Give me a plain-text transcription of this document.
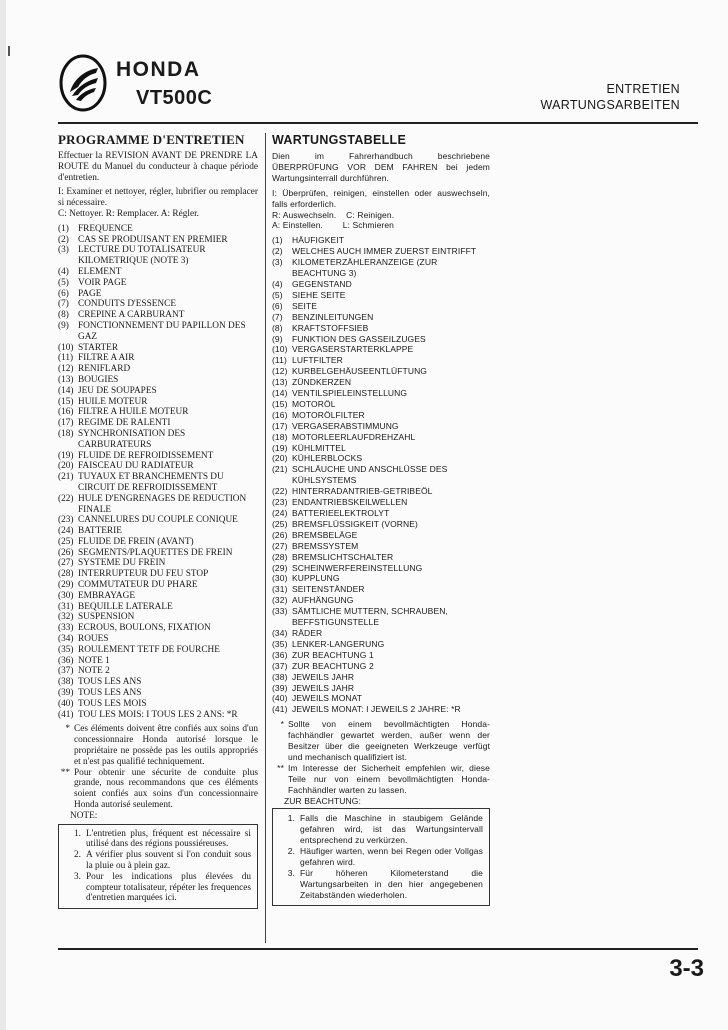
HONDA
VT500C	ENTRETIEN
WARTUNGSARBEITEN
PROGRAMME D'ENTRETIEN

Effectuer la REVISION AVANT DE PRENDRE LA ROUTE du Manuel du conducteur à chaque période d'entretien.

I: Examiner et nettoyer, régler, lubrifier ou remplacer si nécessaire.

C: Nettoyer. R: Remplacer. A: Régler.

(1) FREQUENCE
(2) CAS SE PRODUISANT EN PREMIER
(3) LECTURE DU TOTALISATEUR KILOMETRIQUE (NOTE 3)
(4) ELEMENT
(5) VOIR PAGE
(6) PAGE
(7) CONDUITS D'ESSENCE
(8) CREPINE A CARBURANT
(9) FONCTIONNEMENT DU PAPILLON DES GAZ
(10) STARTER
(11) FILTRE A AIR
(12) RENIFLARD
(13) BOUGIES
(14) JEU DE SOUPAPES
(15) HUILE MOTEUR
(16) FILTRE A HUILE MOTEUR
(17) REGIME DE RALENTI
(18) SYNCHRONISATION DES CARBURATEURS
(19) FLUIDE DE REFROIDISSEMENT
(20) FAISCEAU DU RADIATEUR
(21) TUYAUX ET BRANCHEMENTS DU CIRCUIT DE REFROIDISSEMENT
(22) HULE D'ENGRENAGES DE REDUCTION FINALE
(23) CANNELURES DU COUPLE CONIQUE
(24) BATTERIE
(25) FLUIDE DE FREIN (AVANT)
(26) SEGMENTS/PLAQUETTES DE FREIN
(27) SYSTEME DU FREIN
(28) INTERRUPTEUR DU FEU STOP
(29) COMMUTATEUR DU PHARE
(30) EMBRAYAGE
(31) BEQUILLE LATERALE
(32) SUSPENSION
(33) ECROUS, BOULONS, FIXATION
(34) ROUES
(35) ROULEMENT TETF DE FOURCHE
(36) NOTE 1
(37) NOTE 2
(38) TOUS LES ANS
(39) TOUS LES ANS
(40) TOUS LES MOIS
(41) TOU LES MOIS: I TOUS LES 2 ANS: *R
* Ces éléments doivent être confiés aux soins d'un concessionnaire Honda autorisé lorsque le propriétaire ne possède pas les outils appropriés et n'est pas qualifié techniquement.
** Pour obtenir une sécurite de conduite plus grande, nous recommandons que ces éléments soient confiés aux soins d'un concessionnaire Honda autorisé seulement.
NOTE:
1. L'entretien plus, fréquent est nécessaire si utilisé dans des régions poussiéreuses.
2. A vérifier plus souvent si l'on conduit sous la pluie ou à plein gaz.
3. Pour les indications plus élevées du compteur totalisateur, répéter les frequences d'entretien marquées ici.
WARTUNGSTABELLE

Dien im Fahrerhandbuch beschriebene ÜBERPRÜFUNG VOR DEM FAHREN bei jedem Wartungsinterrall durchführen.

I: Überprüfen, reinigen, einstellen oder auswechseln, falls erforderlich.

R: Auswechseln.    C: Reinigen.

A: Einstellen.        L: Schmieren

(1)	HÄUFIGKEIT
(2)	WELCHES AUCH IMMER ZUERST EINTRIFFT
(3)	KILOMETERZÄHLERANZEIGE (ZUR BEACHTUNG 3)
(4)	GEGENSTAND
(5)	SIEHE SEITE
(6)	SEITE
(7)	BENZINLEITUNGEN
(8)	KRAFTSTOFFSIEB
(9)	FUNKTION DES GASSEILZUGES
(10) VERGASERSTARTERKLAPPE
(11) LUFTFILTER
(12) KURBELGEHÄUSEENTLÜFTUNG
(13) ZÜNDKERZEN
(14) VENTILSPIELEINSTELLUNG
(15) MOTORÖL
(16) MOTORÖLFILTER
(17) VERGASERABSTIMMUNG
(18) MOTORLEERLAUFDREHZAHL
(19) KÜHLMITTEL
(20) KÜHLERBLOCKS
(21) SCHLÄUCHE UND ANSCHLÜSSE DES KÜHLSYSTEMS
(22) HINTERRADANTRIEB-GETRIBEÖL
(23) ENDANTRIEBSKEILWELLEN
(24) BATTERIEELEKTROLYT
(25) BREMSFLÜSSIGKEIT (VORNE)
(26) BREMSBELÄGE
(27) BREMSSYSTEM
(28) BREMSLICHTSCHALTER
(29) SCHEINWERFEREINSTELLUNG
(30) KUPPLUNG
(31) SEITENSTÄNDER
(32) AUFHÄNGUNG
(33) SÄMTLICHE MUTTERN, SCHRAUBEN, BEFFSTIGUNSTELLE
(34) RÄDER
(35) LENKER-LANGERUNG
(36) ZUR BEACHTUNG 1
(37) ZUR BEACHTUNG 2
(38) JEWEILS JAHR
(39) JEWEILS JAHR
(40) JEWEILS MONAT
(41) JEWEILS MONAT: I JEWEILS 2 JAHRE: *R
* Sollte von einem bevollmächtigten Honda-fachhändler gewartet werden, außer wenn der Besitzer über die geeigneten Werkzeuge verfügt und mechanisch qualifiziert ist.
** Im Interesse der Sicherheit empfehlen wir, diese Teile nur von einem bevollmächtigten Honda-Fachhändler warten zu lassen.
ZUR BEACHTUNG:
1. Falls die Maschine in staubigem Gelände gefahren wird, ist das Wartungsintervall entsprechend zu verkürzen.
2. Häufiger warten, wenn bei Regen oder Vollgas gefahren wird.
3. Für höheren Kilometerstand die Wartungsarbeiten in den hier angegebenen Zeitabständen wiederholen.
3-3
